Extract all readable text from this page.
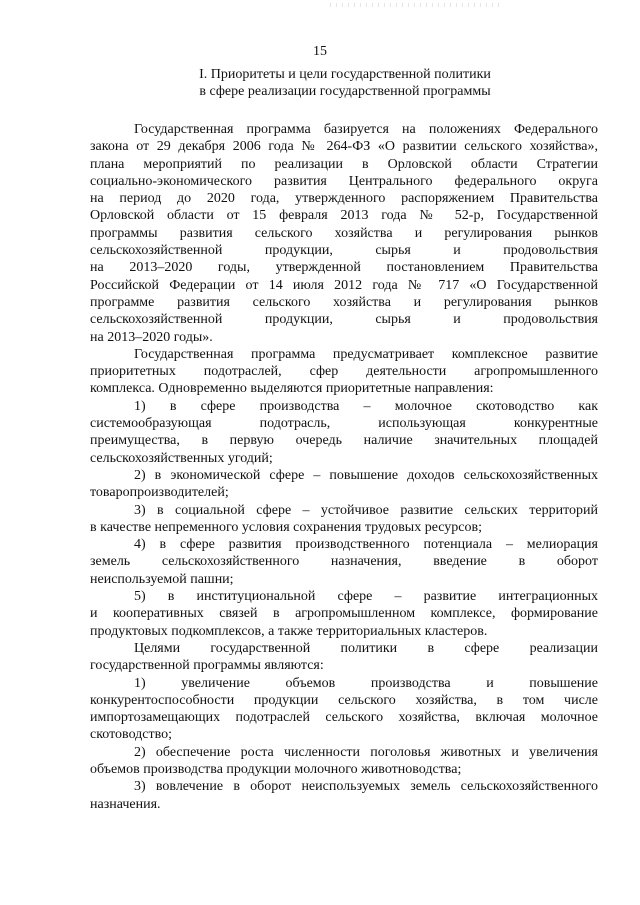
15
I. Приоритеты и цели государственной политики
в сфере реализации государственной программы

Государственная программа базируется на положениях Федерального
закона от 29 декабря 2006 года № 264-ФЗ «О развитии сельского хозяйства»,
плана мероприятий по реализации в Орловской области Стратегии
социально-экономического развития Центрального федерального округа
на период до 2020 года, утвержденного распоряжением Правительства
Орловской области от 15 февраля 2013 года № 52-р, Государственной
программы развития сельского хозяйства и регулирования рынков
сельскохозяйственной продукции, сырья и продовольствия
на 2013–2020 годы, утвержденной постановлением Правительства
Российской Федерации от 14 июля 2012 года № 717 «О Государственной
программе развития сельского хозяйства и регулирования рынков
сельскохозяйственной продукции, сырья и продовольствия
на 2013–2020 годы».

Государственная программа предусматривает комплексное развитие
приоритетных подотраслей, сфер деятельности агропромышленного
комплекса. Одновременно выделяются приоритетные направления:

1) в сфере производства – молочное скотоводство как
системообразующая подотрасль, использующая конкурентные
преимущества, в первую очередь наличие значительных площадей
сельскохозяйственных угодий;

2) в экономической сфере – повышение доходов сельскохозяйственных
товаропроизводителей;

3) в социальной сфере – устойчивое развитие сельских территорий
в качестве непременного условия сохранения трудовых ресурсов;

4) в сфере развития производственного потенциала – мелиорация
земель сельскохозяйственного назначения, введение в оборот
неиспользуемой пашни;

5) в институциональной сфере – развитие интеграционных
и кооперативных связей в агропромышленном комплексе, формирование
продуктовых подкомплексов, а также территориальных кластеров.

Целями государственной политики в сфере реализации
государственной программы являются:

1) увеличение объемов производства и повышение
конкурентоспособности продукции сельского хозяйства, в том числе
импортозамещающих подотраслей сельского хозяйства, включая молочное
скотоводство;

2) обеспечение роста численности поголовья животных и увеличения
объемов производства продукции молочного животноводства;

3) вовлечение в оборот неиспользуемых земель сельскохозяйственного
назначения.
